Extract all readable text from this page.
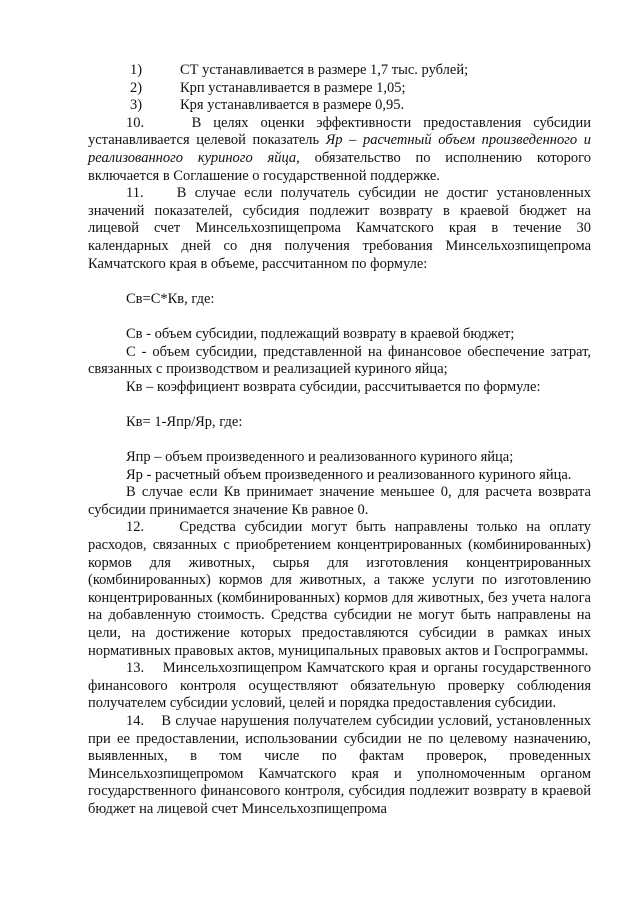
1)	СТ устанавливается в размере 1,7 тыс. рублей;
2)	Крп устанавливается в размере 1,05;
3)	Кря устанавливается в размере 0,95.

10.    В целях оценки эффективности предоставления субсидии устанавливается целевой показатель Яр – расчетный объем произведенного и реализованного куриного яйца, обязательство по исполнению которого включается в Соглашение о государственной поддержке.

11.    В случае если получатель субсидии не достиг установленных значений показателей, субсидия подлежит возврату в краевой бюджет на лицевой счет Минсельхозпищепрома Камчатского края в течение 30 календарных дней со дня получения требования Минсельхозпищепрома Камчатского края в объеме, рассчитанном по формуле:

Св=С*Кв, где:

Св - объем субсидии, подлежащий возврату в краевой бюджет;

С - объем субсидии, представленной на финансовое обеспечение затрат, связанных с производством и реализацией куриного яйца;

Кв – коэффициент возврата субсидии, рассчитывается по формуле:

Кв= 1-Япр/Яр, где:

Япр – объем произведенного и реализованного куриного яйца;

Яр - расчетный объем произведенного и реализованного куриного яйца.

В случае если Кв принимает значение меньшее 0, для расчета возврата субсидии принимается значение Кв равное 0.

12.    Средства субсидии могут быть направлены только на оплату расходов, связанных с приобретением концентрированных (комбинированных) кормов для животных, сырья для изготовления концентрированных (комбинированных) кормов для животных, а также услуги по изготовлению концентрированных (комбинированных) кормов для животных, без учета налога на добавленную стоимость. Средства субсидии не могут быть направлены на цели, на достижение которых предоставляются субсидии в рамках иных нормативных правовых актов, муниципальных правовых актов и Госпрограммы.

13.    Минсельхозпищепром Камчатского края и органы государственного финансового контроля осуществляют обязательную проверку соблюдения получателем субсидии условий, целей и порядка предоставления субсидии.

14.    В случае нарушения получателем субсидии условий, установленных при ее предоставлении, использовании субсидии не по целевому назначению, выявленных, в том числе по фактам проверок, проведенных Минсельхозпищепромом Камчатского края и уполномоченным органом государственного финансового контроля, субсидия подлежит возврату в краевой бюджет на лицевой счет Минсельхозпищепрома
